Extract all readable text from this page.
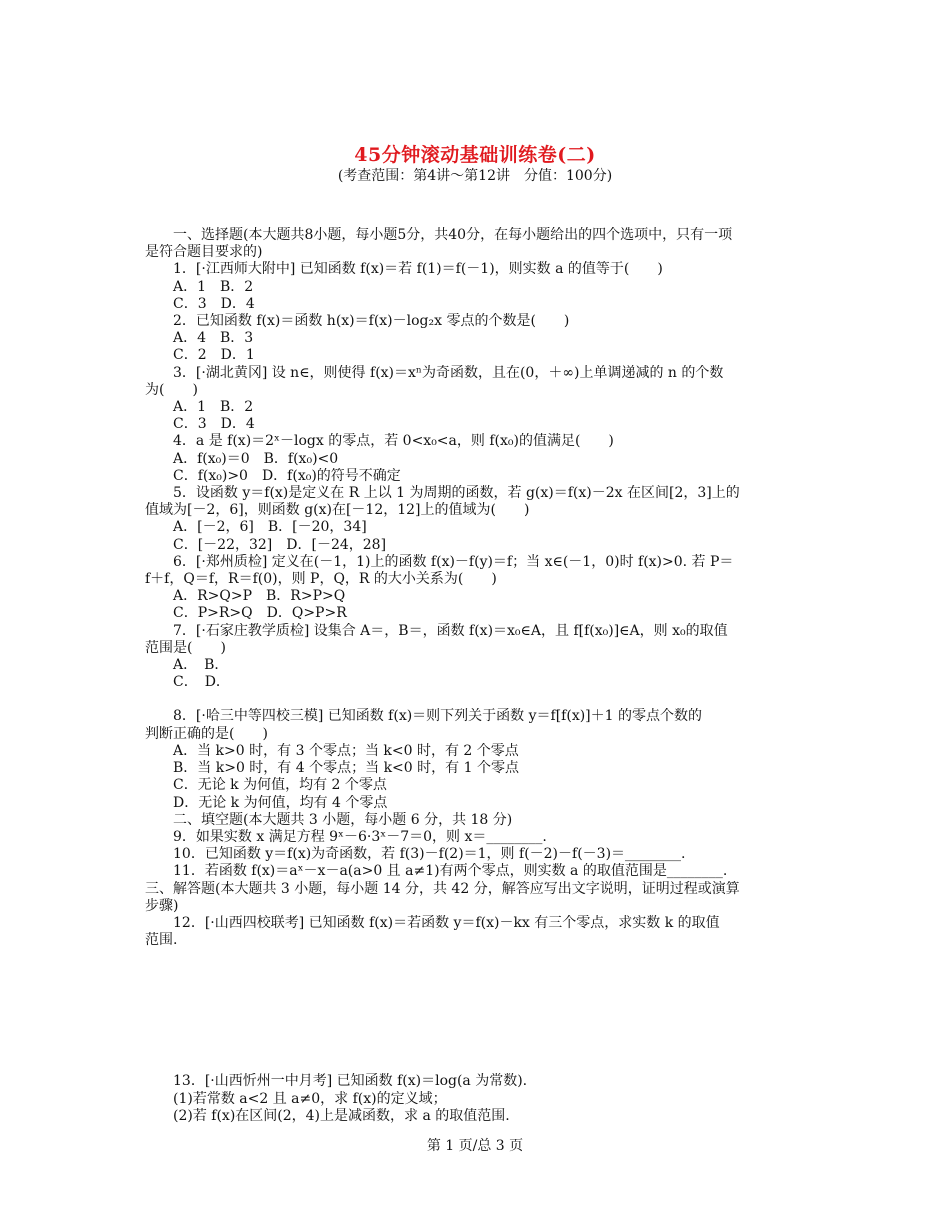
45分钟滚动基础训练卷(二)
(考查范围：第4讲～第12讲　分值：100分)
一、选择题(本大题共8小题，每小题5分，共40分，在每小题给出的四个选项中，只有一项
是符合题目要求的)
1．[·江西师大附中] 已知函数 f(x)＝若 f(1)＝f(－1)，则实数 a 的值等于(　　)
A．1　B．2
C．3　D．4
2．已知函数 f(x)＝函数 h(x)＝f(x)－log₂x 零点的个数是(　　)
A．4　B．3
C．2　D．1
3．[·湖北黄冈] 设 n∈，则使得 f(x)＝xⁿ为奇函数，且在(0，＋∞)上单调递减的 n 的个数
为(　　)
A．1　B．2
C．3　D．4
4．a 是 f(x)＝2ˣ－logx 的零点，若 0<x₀<a，则 f(x₀)的值满足(　　)
A．f(x₀)＝0　B．f(x₀)<0
C．f(x₀)>0　D．f(x₀)的符号不确定
5．设函数 y＝f(x)是定义在 R 上以 1 为周期的函数，若 g(x)＝f(x)－2x 在区间[2，3]上的
值域为[－2，6]，则函数 g(x)在[－12，12]上的值域为(　　)
A．[－2，6]　B．[－20，34]
C．[－22，32]　D．[－24，28]
6．[·郑州质检] 定义在(－1，1)上的函数 f(x)－f(y)＝f；当 x∈(－1，0)时 f(x)>0. 若 P＝
f＋f，Q＝f，R＝f(0)，则 P，Q，R 的大小关系为(　　)
A．R>Q>P　B．R>P>Q
C．P>R>Q　D．Q>P>R
7．[·石家庄教学质检] 设集合 A＝，B＝，函数 f(x)＝x₀∈A，且 f[f(x₀)]∈A，则 x₀的取值
范围是(　　)
A．　B．
C．　D．
8．[·哈三中等四校三模] 已知函数 f(x)＝则下列关于函数 y＝f[f(x)]＋1 的零点个数的
判断正确的是(　　)
A．当 k>0 时，有 3 个零点；当 k<0 时，有 2 个零点
B．当 k>0 时，有 4 个零点；当 k<0 时，有 1 个零点
C．无论 k 为何值，均有 2 个零点
D．无论 k 为何值，均有 4 个零点
二、填空题(本大题共 3 小题，每小题 6 分，共 18 分)
9．如果实数 x 满足方程 9ˣ－6·3ˣ－7＝0，则 x＝________.
10．已知函数 y＝f(x)为奇函数，若 f(3)－f(2)＝1，则 f(－2)－f(－3)＝________.
11．若函数 f(x)＝aˣ－x－a(a>0 且 a≠1)有两个零点，则实数 a 的取值范围是________.
三、解答题(本大题共 3 小题，每小题 14 分，共 42 分，解答应写出文字说明，证明过程或演算
步骤)
12．[·山西四校联考] 已知函数 f(x)＝若函数 y＝f(x)－kx 有三个零点，求实数 k 的取值
范围.
13．[·山西忻州一中月考] 已知函数 f(x)＝log(a 为常数).
(1)若常数 a<2 且 a≠0，求 f(x)的定义域；
(2)若 f(x)在区间(2，4)上是减函数，求 a 的取值范围.
第 1 页/总 3 页
